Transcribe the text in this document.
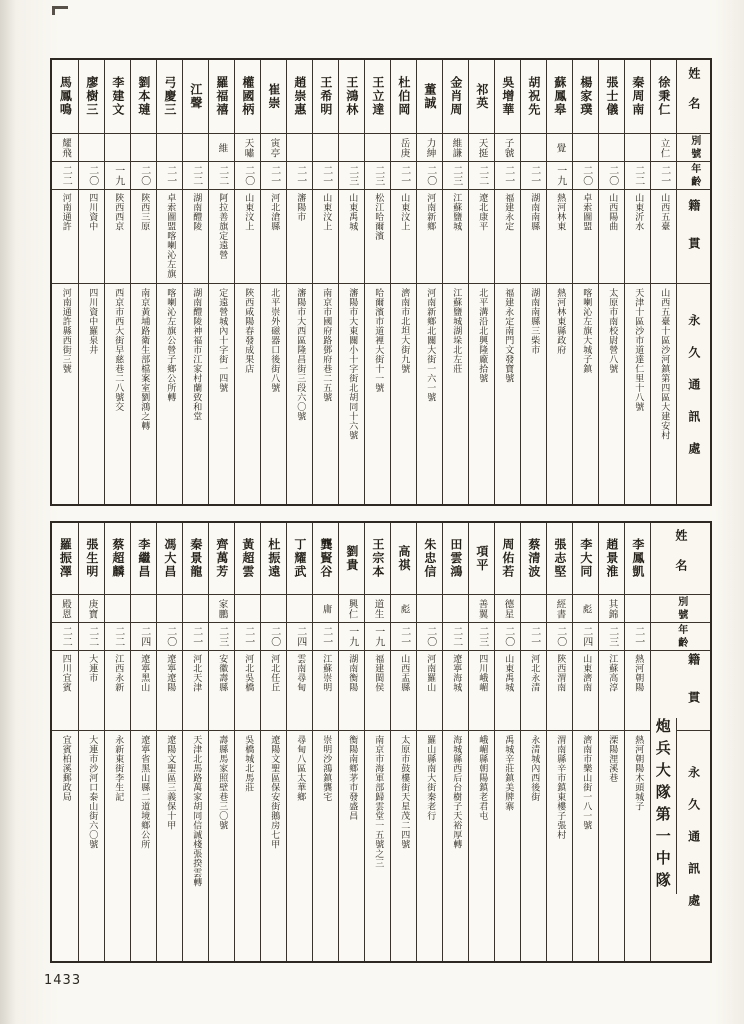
姓名
別號
年齡
籍貫
永久通訊處
徐秉仁
立仁
二一
山西五臺
山西五臺十區沙河鎮第四區大建安村
秦周南
二二
山東沂水
天津十區沙市道達仁里十八號
張士儀
二〇
山西陽曲
太原市南校尉營八號
楊家璞
二〇
卓索圖盟
喀喇沁左旗大城子鎮
蘇鳳皋
覺
一九
熱河林東
熱河林東縣政府
胡祝先
二一
湖南南縣
湖南南縣三柴市
吳增華
子虢
二一
福建永定
福建永定南門文發寶號
祁英
天挺
二二
遼北康平
北平溝沿北興隆廠拾號
金肖周
維謙
二三
江蘇鹽城
江蘇鹽城湖垛北左莊
董誠
力紳
二〇
河南新鄉
河南新鄉北關大街一六一號
杜伯岡
岳庚
二一
山東汶上
濟南市北坦大街九號
王立達
二三
松江哈爾濱
哈爾濱市道裡大街十一號
王鴻林
二三
山東禹城
瀋陽市大東關小十字街北胡同十六號
王希明
二一
山東汶上
南京市國府路鄧府巷二五號
趙崇惠
二一
瀋陽市
瀋陽市大西區隆昌街三段六〇號
崔崇
寅亭
二一
河北滄縣
北平崇外磁器口後街八號
權國柄
天嘯
二〇
山東汶上
陝西咸陽春發成果店
羅福禧
維
二二
阿拉善旗定遠營
定遠營城內十字街一四號
江聲
二二
湖南醴陵
湖南醴陵神福市江家村蘭致和堂
弓慶三
二一
卓索圖盟喀喇沁左旗
喀喇沁左旗公營子鄉公所轉
劉本璉
二〇
陝西三原
南京黃埔路衛生部檔案室劉鴻之轉
李建文
一九
陝西西京
西京市西大街早慈巷二八號交
廖樹三
二〇
四川資中
四川資中羅泉井
馬鳳鳴
耀飛
二二
河南通許
河南通許縣西街三號
姓名
別號
年齡
籍貫
永久通訊處
炮兵大隊第一中隊
李鳳凱
二一
熱河朝陽
熱河朝陽木頭城子
趙景淮
其錦
二三
江蘇高淳
溧陽浬溪巷
李大同
彪
二四
山東濟南
濟南市樂山街一八一號
張志堅
經書
二〇
陝西渭南
渭南縣辛市鎮東樓子張村
蔡清波
二一
河北永清
永清城內西後街
周佑若
德星
二〇
山東禹城
禹城辛莊鎮美牌寨
項平
善翼
二三
四川峨嵋
峨嵋縣朝陽鎮老君屯
田雲鴻
二二
遼寧海城
海城縣西后台樹子天裕厚轉
朱忠信
二〇
河南羅山
羅山縣南大街秦老行
高祺
彪
二一
山西盂縣
太原市鼓樓街天星茂二四號
王宗本
道生
一九
福建閩侯
南京市海軍部歸雲堂一五號之三
劉貴
興仁
一九
湖南衡陽
衡陽南鄉茅市發盛昌
龔賢谷
庸
二一
江蘇崇明
崇明沙鴻鎮龔宅
丁耀武
二四
雲南尋甸
尋甸八區太華鄉
杜振遠
二〇
河北任丘
遼陽文聖區保安街鵝房七甲
黃超雲
二一
河北吳橋
吳橋城北馬莊
齊萬芳
家鵬
二三
安徽壽縣
壽縣馬家照壁巷三〇號
秦景龍
二一
河北天津
天津北馬路萬家胡同信誠棧張揆雲轉
馮大昌
二〇
遼寧遼陽
遼陽文聖區三義保十甲
李繼昌
二四
遼寧黑山
遼寧省黑山縣二道境鄉公所
蔡超麟
二二
江西永新
永新東街李生記
張生明
庚寶
二二
大連市
大連市沙河口泰山街六〇號
羅振澤
殿恩
二二
四川宜賓
宜賓柏溪郵政局
1433
